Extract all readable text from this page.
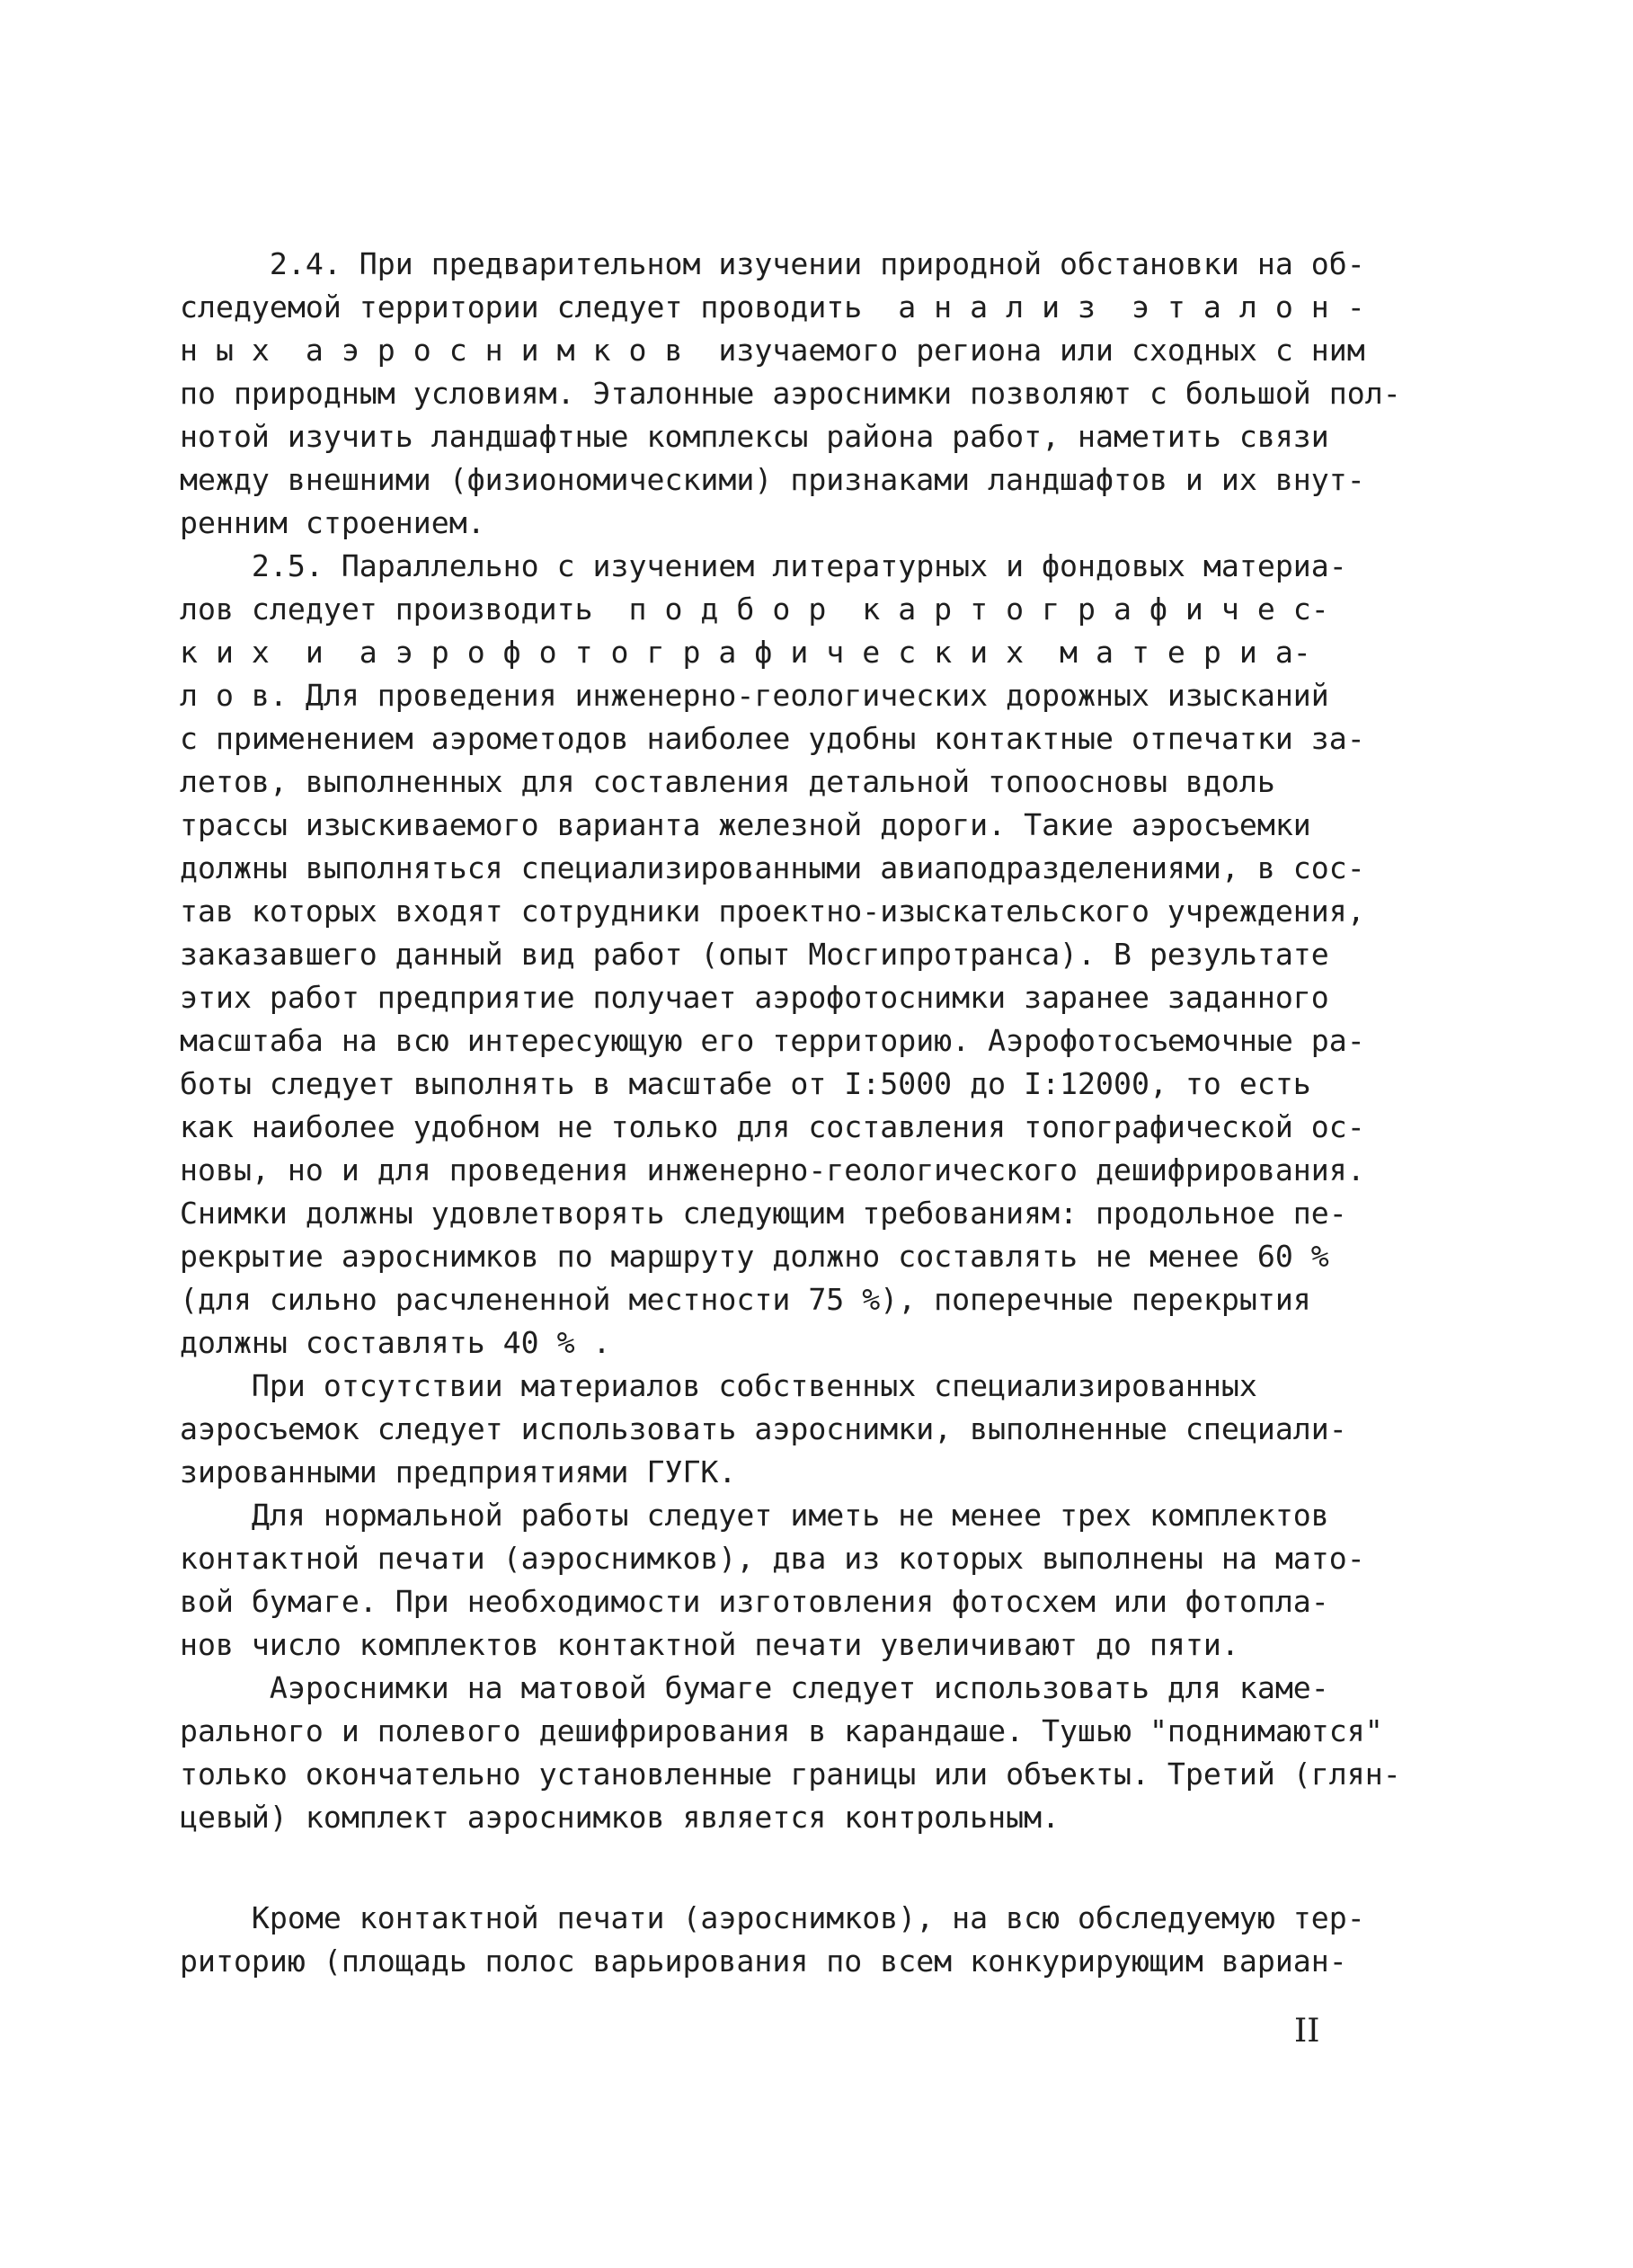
2.4. При предварительном изучении природной обстановки на об-
следуемой территории следует проводить  а н а л и з  э т а л о н -
н ы х  а э р о с н и м к о в  изучаемого региона или сходных с ним
по природным условиям. Эталонные аэроснимки позволяют с большой пол-
нотой изучить ландшафтные комплексы района работ, наметить связи
между внешними (физиономическими) признаками ландшафтов и их внут-
ренним строением.
2.5. Параллельно с изучением литературных и фондовых материа-
лов следует производить  п о д б о р  к а р т о г р а ф и ч е с-
к и х  и  а э р о ф о т о г р а ф и ч е с к и х  м а т е р и а-
л о в. Для проведения инженерно-геологических дорожных изысканий
с применением аэрометодов наиболее удобны контактные отпечатки за-
летов, выполненных для составления детальной топоосновы вдоль
трассы изыскиваемого варианта железной дороги. Такие аэросъемки
должны выполняться специализированными авиаподразделениями, в сос-
тав которых входят сотрудники проектно-изыскательского учреждения,
заказавшего данный вид работ (опыт Мосгипротранса). В результате
этих работ предприятие получает аэрофотоснимки заранее заданного
масштаба на всю интересующую его территорию. Аэрофотосъемочные ра-
боты следует выполнять в масштабе от I:5000 до I:12000, то есть
как наиболее удобном не только для составления топографической ос-
новы, но и для проведения инженерно-геологического дешифрирования.
Снимки должны удовлетворять следующим требованиям: продольное пе-
рекрытие аэроснимков по маршруту должно составлять не менее 60 %
(для сильно расчлененной местности 75 %), поперечные перекрытия
должны составлять 40 % .
При отсутствии материалов собственных специализированных
аэросъемок следует использовать аэроснимки, выполненные специали-
зированными предприятиями ГУГК.
Для нормальной работы следует иметь не менее трех комплектов
контактной печати (аэроснимков), два из которых выполнены на мато-
вой бумаге. При необходимости изготовления фотосхем или фотопла-
нов число комплектов контактной печати увеличивают до пяти.
Аэроснимки на матовой бумаге следует использовать для каме-
рального и полевого дешифрирования в карандаше. Тушью "поднимаются"
только окончательно установленные границы или объекты. Третий (глян-
цевый) комплект аэроснимков является контрольным.
Кроме контактной печати (аэроснимков), на всю обследуемую тер-
риторию (площадь полос варьирования по всем конкурирующим вариан-
II
